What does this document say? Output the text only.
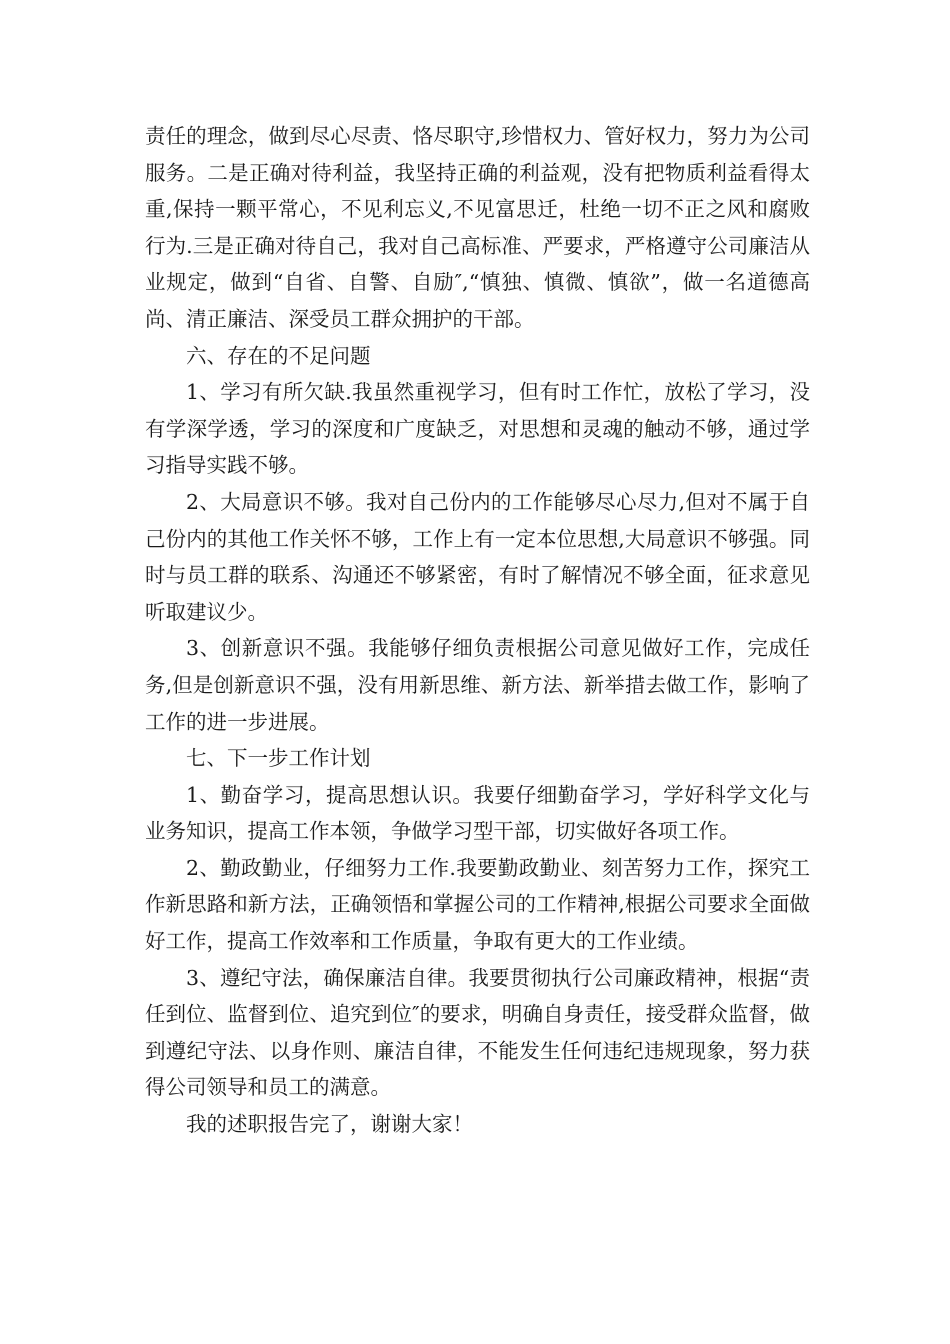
责任的理念，做到尽心尽责、恪尽职守,珍惜权力、管好权力，努力为公司服务。二是正确对待利益，我坚持正确的利益观，没有把物质利益看得太重,保持一颗平常心，不见利忘义,不见富思迁，杜绝一切不正之风和腐败行为.三是正确对待自己，我对自己高标准、严要求，严格遵守公司廉洁从业规定，做到“自省、自警、自励″,“慎独、慎微、慎欲”，做一名道德高尚、清正廉洁、深受员工群众拥护的干部。

六、存在的不足问题

1、学习有所欠缺.我虽然重视学习，但有时工作忙，放松了学习，没有学深学透，学习的深度和广度缺乏，对思想和灵魂的触动不够，通过学习指导实践不够。

2、大局意识不够。我对自己份内的工作能够尽心尽力,但对不属于自己份内的其他工作关怀不够，工作上有一定本位思想,大局意识不够强。同时与员工群的联系、沟通还不够紧密，有时了解情况不够全面，征求意见听取建议少。

3、创新意识不强。我能够仔细负责根据公司意见做好工作，完成任务,但是创新意识不强，没有用新思维、新方法、新举措去做工作，影响了工作的进一步进展。

七、下一步工作计划

1、勤奋学习，提高思想认识。我要仔细勤奋学习，学好科学文化与业务知识，提高工作本领，争做学习型干部，切实做好各项工作。

2、勤政勤业，仔细努力工作.我要勤政勤业、刻苦努力工作，探究工作新思路和新方法，正确领悟和掌握公司的工作精神,根据公司要求全面做好工作，提高工作效率和工作质量，争取有更大的工作业绩。

3、遵纪守法，确保廉洁自律。我要贯彻执行公司廉政精神，根据“责任到位、监督到位、追究到位″的要求，明确自身责任，接受群众监督，做到遵纪守法、以身作则、廉洁自律，不能发生任何违纪违规现象，努力获得公司领导和员工的满意。

我的述职报告完了，谢谢大家！
